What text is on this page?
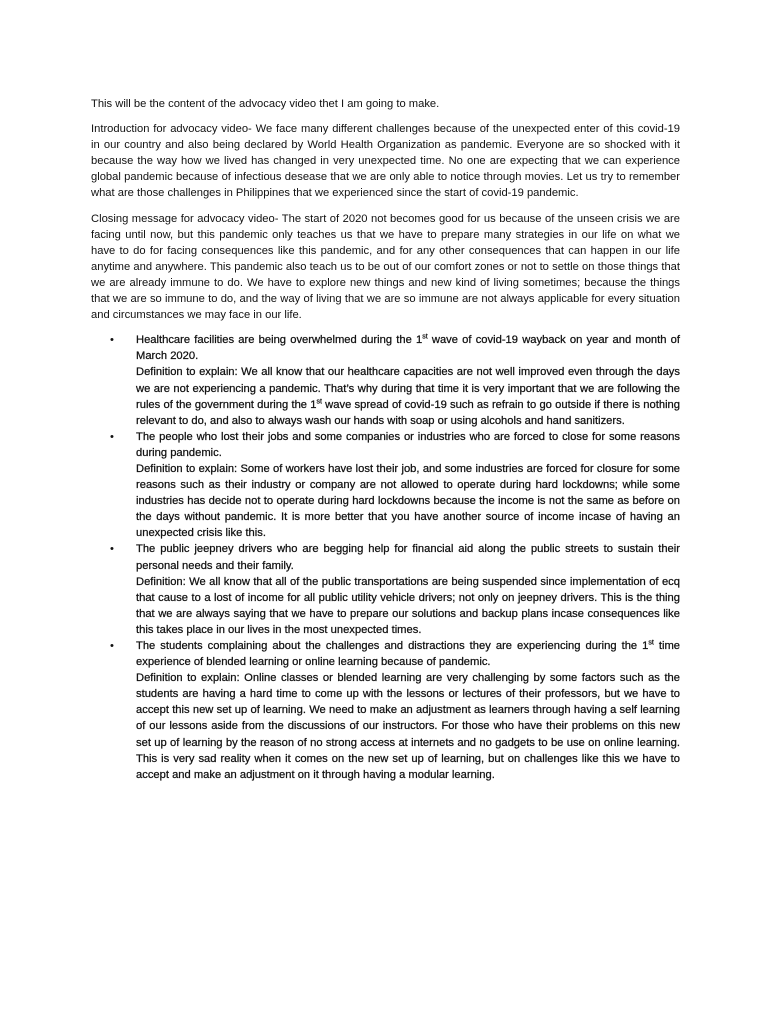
This will be the content of the advocacy video thet I am going to make.

Introduction for advocacy video- We face many different challenges because of the unexpected enter of this covid-19 in our country and also being declared by World Health Organization as pandemic. Everyone are so shocked with it because the way how we lived has changed in very unexpected time. No one are expecting that we can experience global pandemic because of infectious desease that we are only able to notice through movies. Let us try to remember what are those challenges in Philippines that we experienced since the start of covid-19 pandemic.

Closing message for advocacy video- The start of 2020 not becomes good for us because of the unseen crisis we are facing until now, but this pandemic only teaches us that we have to prepare many strategies in our life on what we have to do for facing consequences like this pandemic, and for any other consequences that can happen in our life anytime and anywhere. This pandemic also teach us to be out of our comfort zones or not to settle on those things that we are already immune to do. We have to explore new things and new kind of living sometimes; because the things that we are so immune to do, and the way of living that we are so immune are not always applicable for every situation and circumstances we may face in our life.

• Healthcare facilities are being overwhelmed during the 1st wave of covid-19 wayback on year and month of March 2020.

Definition to explain: We all know that our healthcare capacities are not well improved even through the days we are not experiencing a pandemic. That’s why during that time it is very important that we are following the rules of the government during the 1st wave spread of covid-19 such as refrain to go outside if there is nothing relevant to do, and also to always wash our hands with soap or using alcohols and hand sanitizers.

• The people who lost their jobs and some companies or industries who are forced to close for some reasons during pandemic.

Definition to explain: Some of workers have lost their job, and some industries are forced for closure for some reasons such as their industry or company are not allowed to operate during hard lockdowns; while some industries has decide not to operate during hard lockdowns because the income is not the same as before on the days without pandemic. It is more better that you have another source of income incase of having an unexpected crisis like this.

• The public jeepney drivers who are begging help for financial aid along the public streets to sustain their personal needs and their family.

Definition: We all know that all of the public transportations are being suspended since implementation of ecq that cause to a lost of income for all public utility vehicle drivers; not only on jeepney drivers. This is the thing that we are always saying that we have to prepare our solutions and backup plans incase consequences like this takes place in our lives in the most unexpected times.

• The students complaining about the challenges and distractions they are experiencing during the 1st time experience of blended learning or online learning because of pandemic.

Definition to explain: Online classes or blended learning are very challenging by some factors such as the students are having a hard time to come up with the lessons or lectures of their professors, but we have to accept this new set up of learning. We need to make an adjustment as learners through having a self learning of our lessons aside from the discussions of our instructors. For those who have their problems on this new set up of learning by the reason of no strong access at internets and no gadgets to be use on online learning. This is very sad reality when it comes on the new set up of learning, but on challenges like this we have to accept and make an adjustment on it through having a modular learning.
